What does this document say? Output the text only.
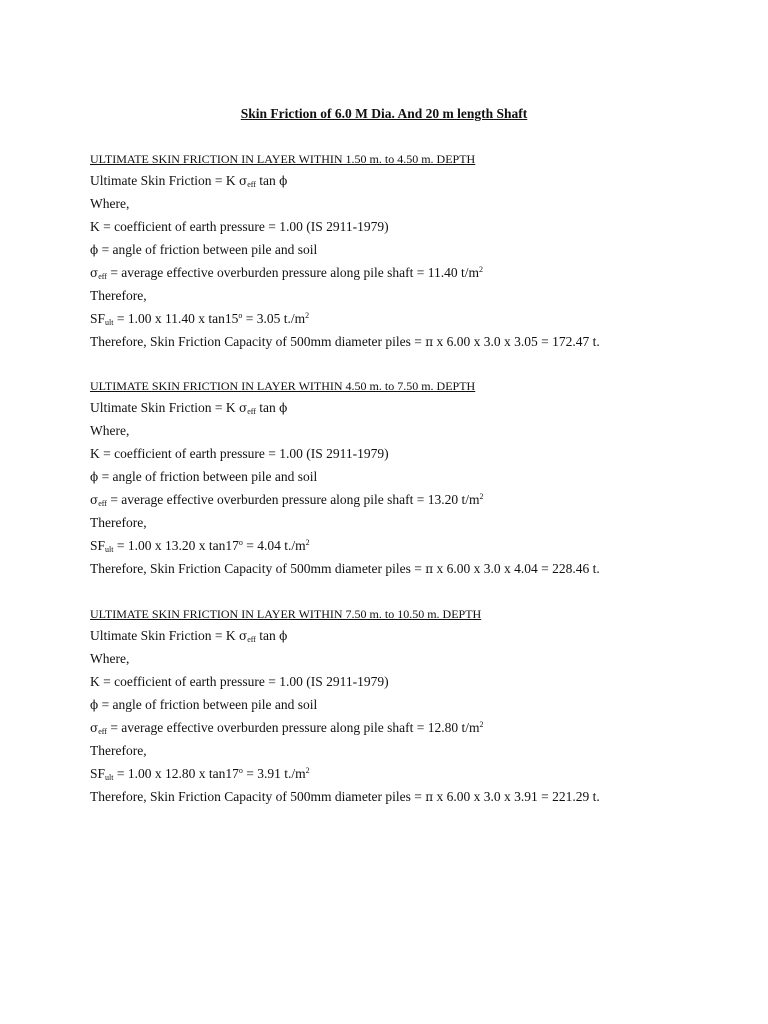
Skin Friction of 6.0 M Dia. And 20 m length Shaft
ULTIMATE SKIN FRICTION IN LAYER WITHIN 1.50 m. to 4.50 m. DEPTH
Ultimate Skin Friction = K $\sigma_{eff}$ tan ϕ
Where,
K = coefficient of earth pressure = 1.00 (IS 2911-1979)
ϕ = angle of friction between pile and soil
$\sigma_{eff}$ = average effective overburden pressure along pile shaft = 11.40 $t/m^2$
Therefore,
$SF_{ult} = 1.00$ x 11.40 x $\tan 15^o = 3.05$ $t./m^2$
Therefore, Skin Friction Capacity of 500mm diameter piles = π x 6.00 x 3.0 x 3.05 = 172.47 t.
ULTIMATE SKIN FRICTION IN LAYER WITHIN 4.50 m. to 7.50 m. DEPTH
Ultimate Skin Friction = K $\sigma_{eff}$ tan ϕ
Where,
K = coefficient of earth pressure = 1.00 (IS 2911-1979)
ϕ = angle of friction between pile and soil
$\sigma_{eff}$ = average effective overburden pressure along pile shaft = 13.20 $t/m^2$
Therefore,
$SF_{ult} = 1.00$ x 13.20 x $\tan 17^o = 4.04$ $t./m^2$
Therefore, Skin Friction Capacity of 500mm diameter piles = π x 6.00 x 3.0 x 4.04 = 228.46 t.
ULTIMATE SKIN FRICTION IN LAYER WITHIN 7.50 m. to 10.50 m. DEPTH
Ultimate Skin Friction = K $\sigma_{eff}$ tan ϕ
Where,
K = coefficient of earth pressure = 1.00 (IS 2911-1979)
ϕ = angle of friction between pile and soil
$\sigma_{eff}$ = average effective overburden pressure along pile shaft = 12.80 $t/m^2$
Therefore,
$SF_{ult} = 1.00$ x 12.80 x $\tan 17^o = 3.91$ $t./m^2$
Therefore, Skin Friction Capacity of 500mm diameter piles = π x 6.00 x 3.0 x 3.91 = 221.29 t.
